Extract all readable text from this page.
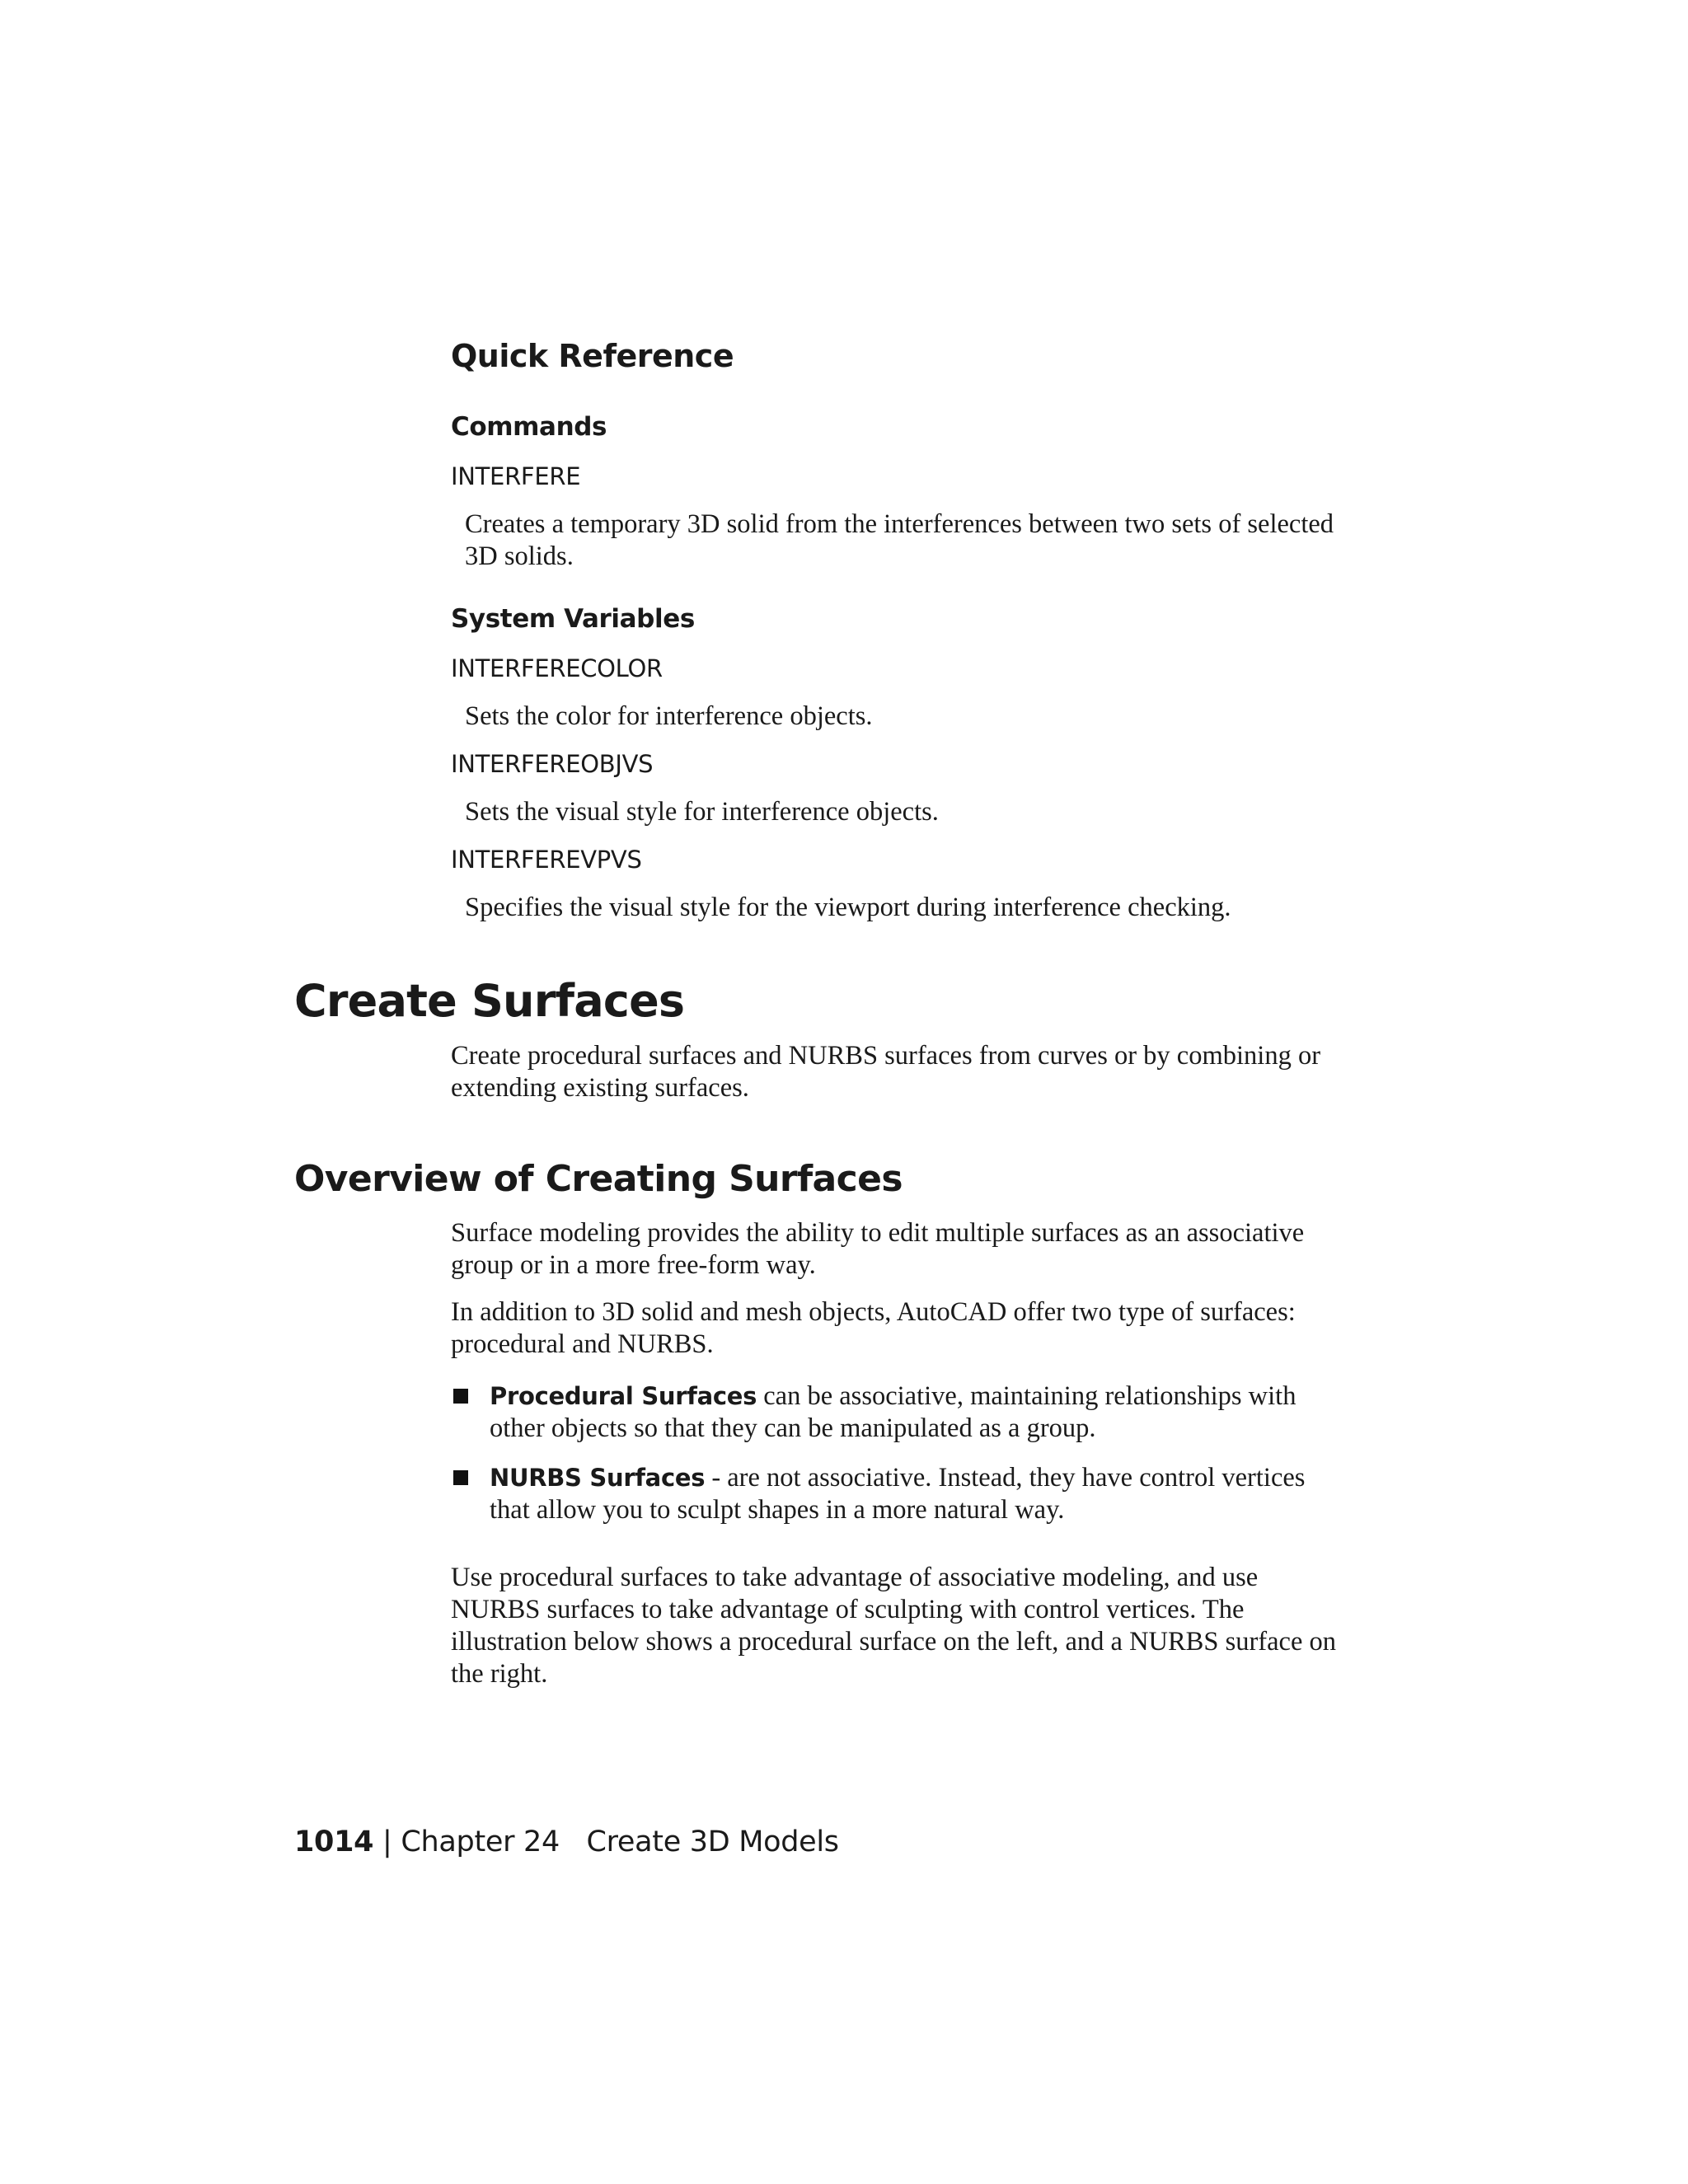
Quick Reference
Commands
INTERFERE

Creates a temporary 3D solid from the interferences between two sets of selected 3D solids.

System Variables
INTERFERECOLOR

Sets the color for interference objects.

INTERFEREOBJVS

Sets the visual style for interference objects.

INTERFEREVPVS

Specifies the visual style for the viewport during interference checking.

Create Surfaces

Create procedural surfaces and NURBS surfaces from curves or by combining or extending existing surfaces.

Overview of Creating Surfaces

Surface modeling provides the ability to edit multiple surfaces as an associative group or in a more free-form way.

In addition to 3D solid and mesh objects, AutoCAD offer two type of surfaces: procedural and NURBS.

Procedural Surfaces can be associative, maintaining relationships with other objects so that they can be manipulated as a group.
NURBS Surfaces - are not associative. Instead, they have control vertices that allow you to sculpt shapes in a more natural way.

Use procedural surfaces to take advantage of associative modeling, and use NURBS surfaces to take advantage of sculpting with control vertices. The illustration below shows a procedural surface on the left, and a NURBS surface on the right.

1014 | Chapter 24 Create 3D Models
